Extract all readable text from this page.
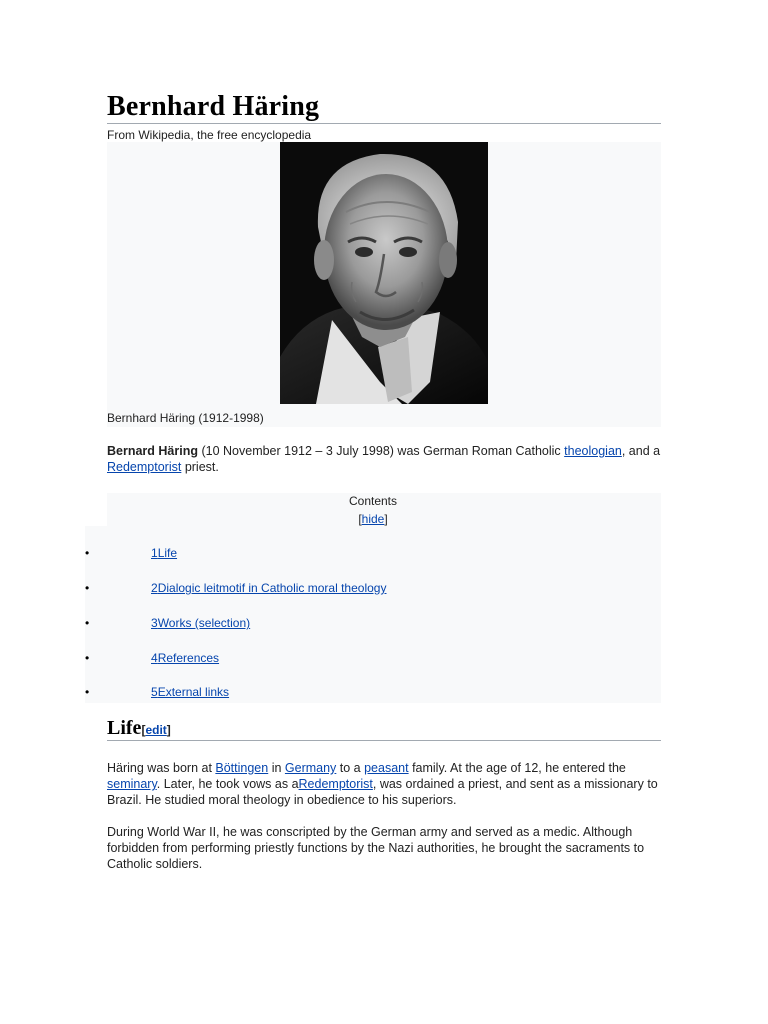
Bernhard Häring
From Wikipedia, the free encyclopedia
Bernhard Häring (1912-1998)

Bernard Häring (10 November 1912 – 3 July 1998) was German Roman Catholic theologian, and a Redemptorist priest.

Contents
[hide]
•	1Life
•	2Dialogic leitmotif in Catholic moral theology
•	3Works (selection)
•	4References
•	5External links
Life[edit]

Häring was born at Böttingen in Germany to a peasant family. At the age of 12, he entered the seminary. Later, he took vows as aRedemptorist, was ordained a priest, and sent as a missionary to Brazil. He studied moral theology in obedience to his superiors.

During World War II, he was conscripted by the German army and served as a medic. Although forbidden from performing priestly functions by the Nazi authorities, he brought the sacraments to Catholic soldiers.
